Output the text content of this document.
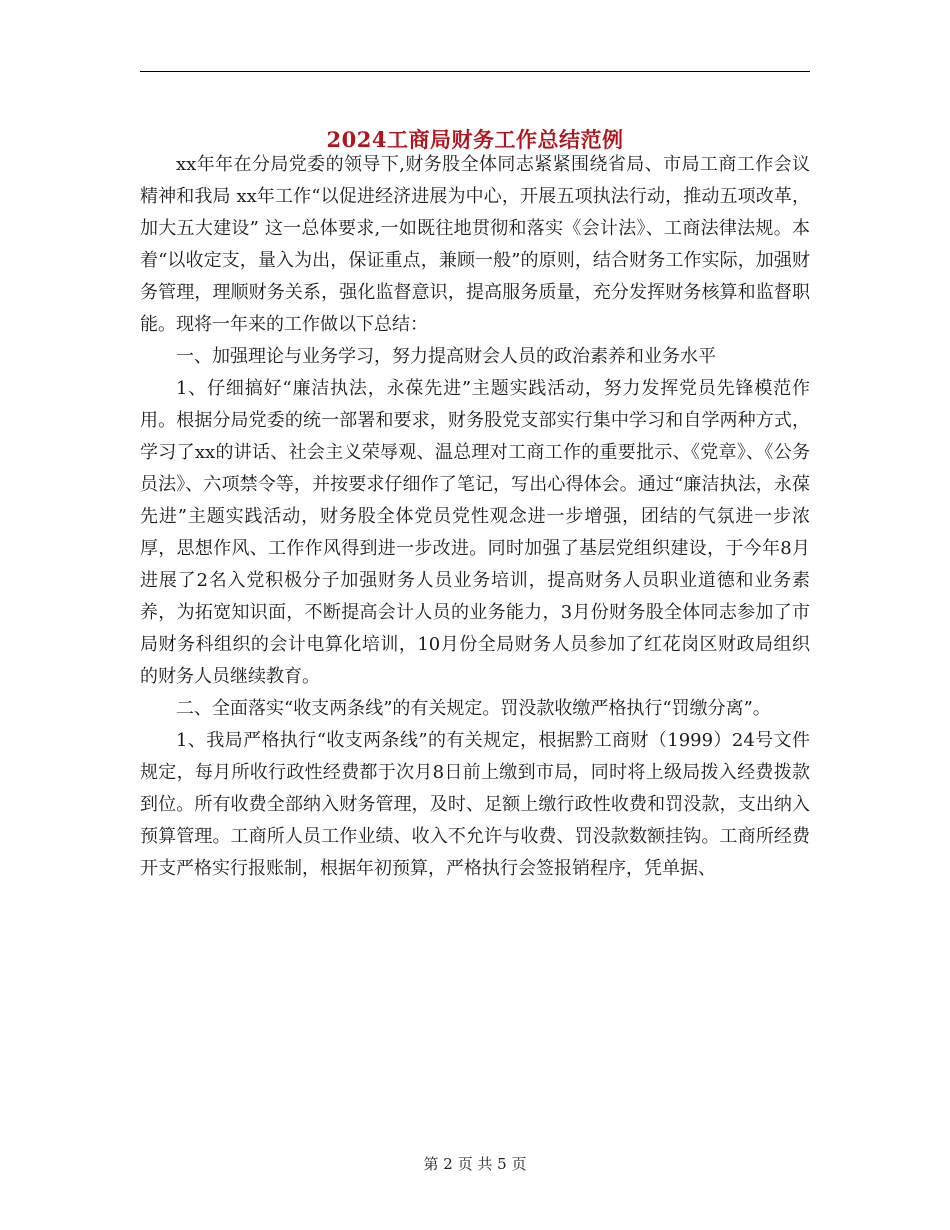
2024工商局财务工作总结范例

xx年年在分局党委的领导下,财务股全体同志紧紧围绕省局、市局工商工作会议精神和我局 xx年工作“以促进经济进展为中心，开展五项执法行动，推动五项改革，加大五大建设” 这一总体要求,一如既往地贯彻和落实《会计法》、工商法律法规。本着“以收定支，量入为出，保证重点，兼顾一般”的原则，结合财务工作实际，加强财务管理，理顺财务关系，强化监督意识，提高服务质量，充分发挥财务核算和监督职能。现将一年来的工作做以下总结：

一、加强理论与业务学习，努力提高财会人员的政治素养和业务水平

1、仔细搞好“廉洁执法，永葆先进”主题实践活动，努力发挥党员先锋模范作用。根据分局党委的统一部署和要求，财务股党支部实行集中学习和自学两种方式，学习了xx的讲话、社会主义荣辱观、温总理对工商工作的重要批示、《党章》、《公务员法》、六项禁令等，并按要求仔细作了笔记，写出心得体会。通过“廉洁执法，永葆先进”主题实践活动，财务股全体党员党性观念进一步增强，团结的气氛进一步浓厚，思想作风、工作作风得到进一步改进。同时加强了基层党组织建设，于今年8月进展了2名入党积极分子加强财务人员业务培训，提高财务人员职业道德和业务素养，为拓宽知识面，不断提高会计人员的业务能力，3月份财务股全体同志参加了市局财务科组织的会计电算化培训，10月份全局财务人员参加了红花岗区财政局组织的财务人员继续教育。

二、全面落实“收支两条线”的有关规定。罚没款收缴严格执行“罚缴分离”。

1、我局严格执行“收支两条线”的有关规定，根据黔工商财（1999）24号文件规定，每月所收行政性经费都于次月8日前上缴到市局，同时将上级局拨入经费拨款到位。所有收费全部纳入财务管理，及时、足额上缴行政性收费和罚没款，支出纳入预算管理。工商所人员工作业绩、收入不允许与收费、罚没款数额挂钩。工商所经费开支严格实行报账制，根据年初预算，严格执行会签报销程序，凭单据、

第 2 页 共 5 页
